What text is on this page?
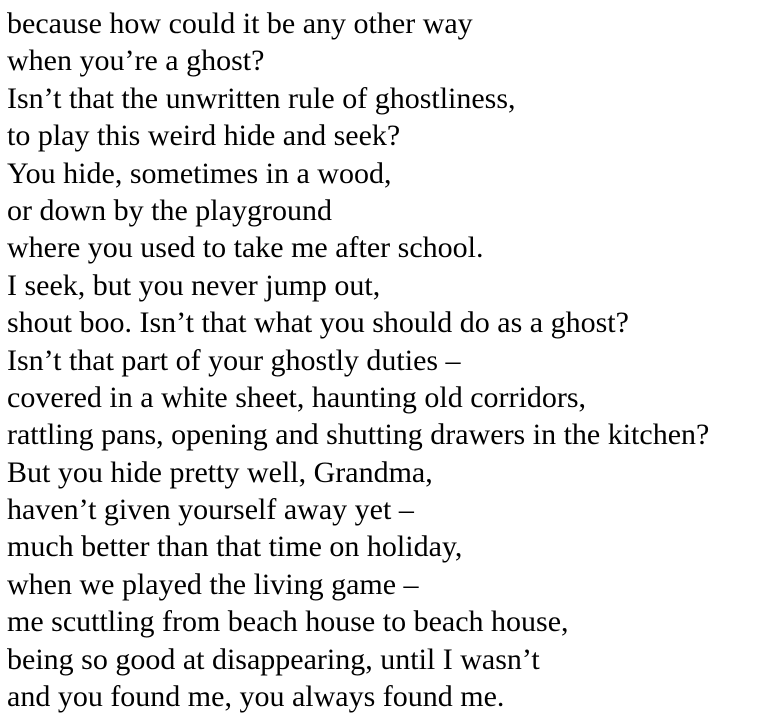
because how could it be any other way
when you’re a ghost?
Isn’t that the unwritten rule of ghostliness,
to play this weird hide and seek?
You hide, sometimes in a wood,
or down by the playground
where you used to take me after school.
I seek, but you never jump out,
shout boo. Isn’t that what you should do as a ghost?
Isn’t that part of your ghostly duties –
covered in a white sheet, haunting old corridors,
rattling pans, opening and shutting drawers in the kitchen?
But you hide pretty well, Grandma,
haven’t given yourself away yet –
much better than that time on holiday,
when we played the living game –
me scuttling from beach house to beach house,
being so good at disappearing, until I wasn’t
and you found me, you always found me.
